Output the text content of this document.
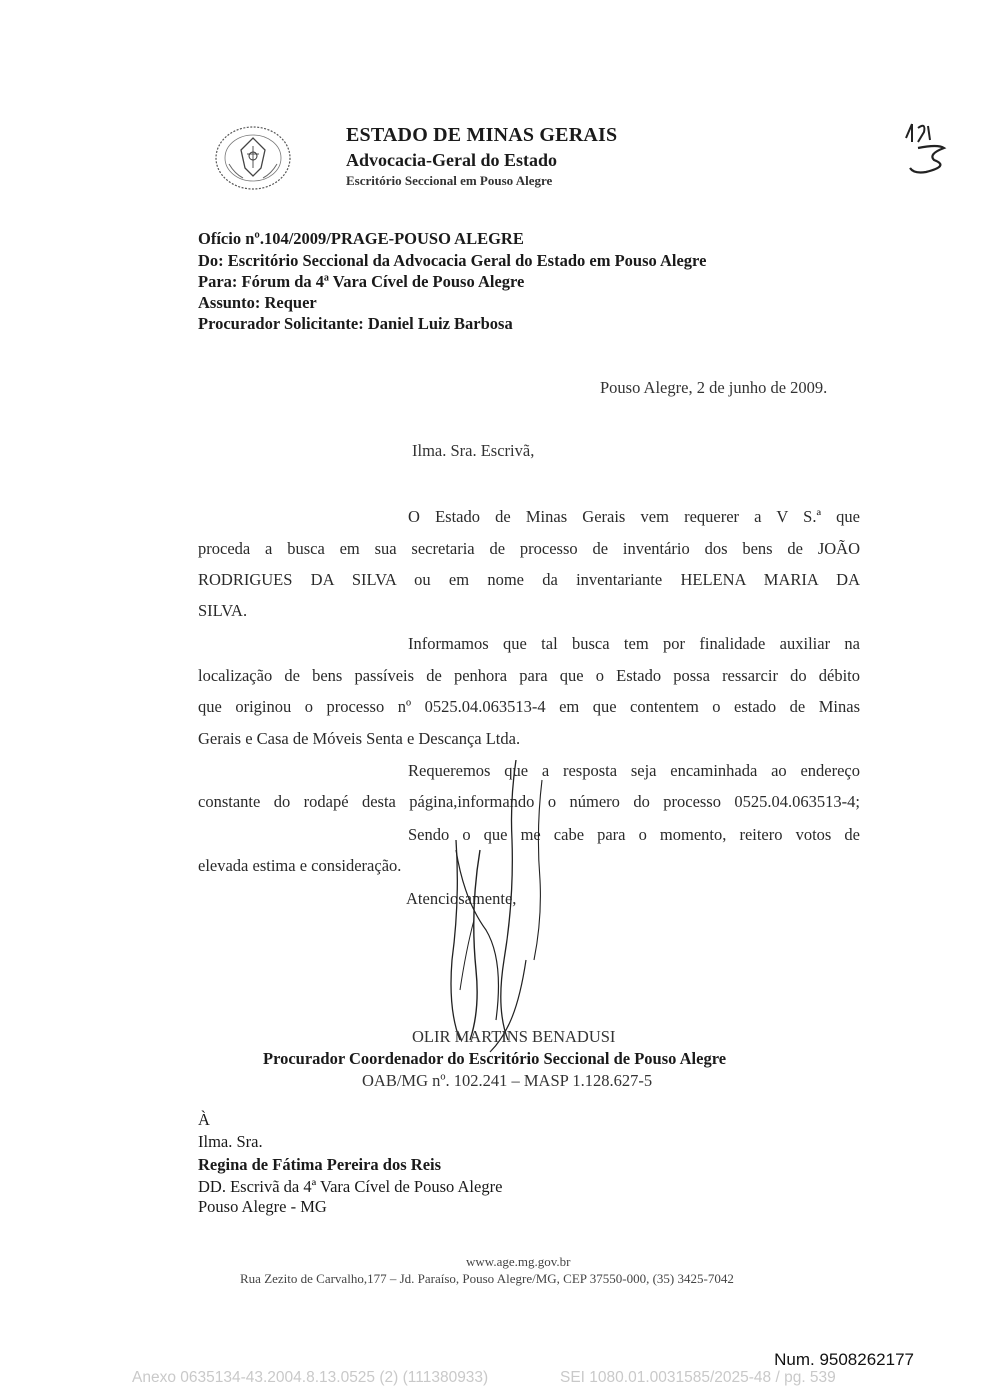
ESTADO DE MINAS GERAIS
Advocacia-Geral do Estado
Escritório Seccional em Pouso Alegre
Ofício nº.104/2009/PRAGE-POUSO ALEGRE
Do: Escritório Seccional da Advocacia Geral do Estado em Pouso Alegre
Para: Fórum da 4ª Vara Cível de Pouso Alegre
Assunto: Requer
Procurador Solicitante: Daniel Luiz Barbosa
Pouso Alegre, 2 de junho de 2009.
Ilma. Sra. Escrivã,
O Estado de Minas Gerais vem requerer a V S.ª que
proceda a busca em sua secretaria de processo de inventário dos bens de JOÃO
RODRIGUES DA SILVA ou em nome da inventariante HELENA MARIA DA
SILVA.
Informamos que tal busca tem por finalidade auxiliar na
localização de bens passíveis de penhora para que o Estado possa ressarcir do débito
que originou o processo nº 0525.04.063513-4 em que contentem o estado de Minas
Gerais e Casa de Móveis Senta e Descança Ltda.
Requeremos que a resposta seja encaminhada ao endereço
constante do rodapé desta página,informando o número do processo 0525.04.063513-4;
Sendo o que me cabe para o momento, reitero votos de
elevada estima e consideração.
Atenciosamente,
OLIR MARTINS BENADUSI
Procurador Coordenador do Escritório Seccional de Pouso Alegre
OAB/MG nº. 102.241 – MASP 1.128.627-5
À
Ilma. Sra.
Regina de Fátima Pereira dos Reis
DD. Escrivã da 4ª Vara Cível de Pouso Alegre
Pouso Alegre - MG
www.age.mg.gov.br
Rua Zezito de Carvalho,177 – Jd. Paraíso, Pouso Alegre/MG, CEP 37550-000, (35) 3425-7042
Num. 9508262177
Anexo 0635134-43.2004.8.13.0525 (2) (111380933)	SEI 1080.01.0031585/2025-48 / pg. 539
